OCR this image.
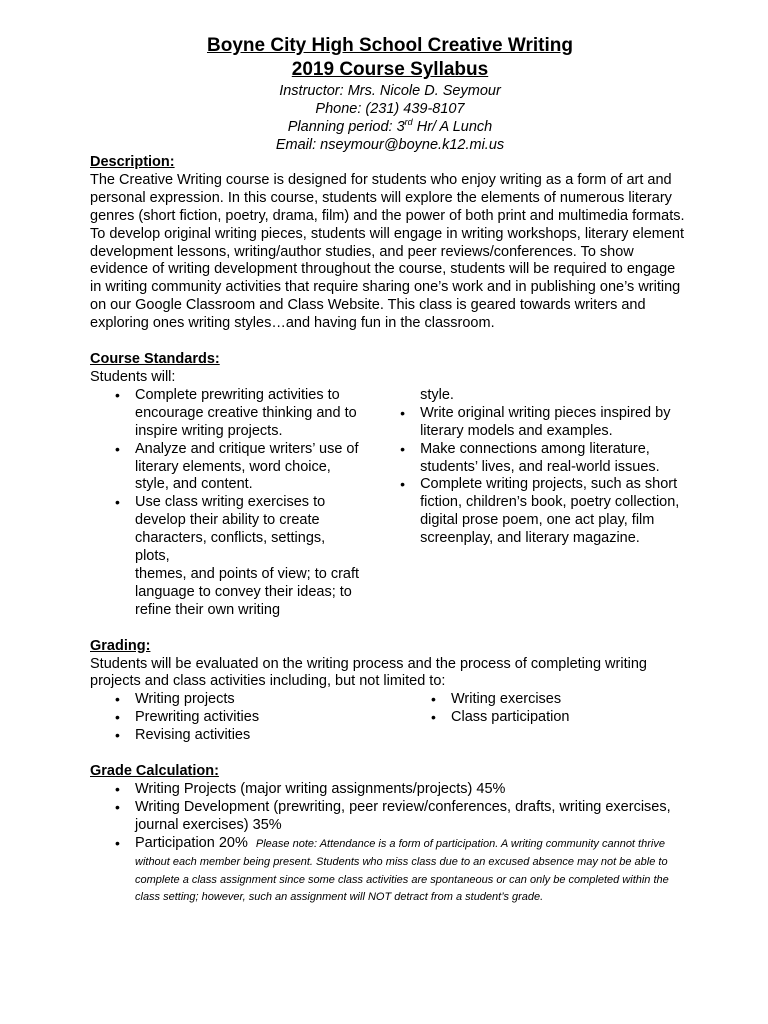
Boyne City High School Creative Writing
2019 Course Syllabus
Instructor: Mrs. Nicole D. Seymour
Phone: (231) 439-8107
Planning period: 3rd Hr/ A Lunch
Email: nseymour@boyne.k12.mi.us
Description:

The Creative Writing course is designed for students who enjoy writing as a form of art and personal expression. In this course, students will explore the elements of numerous literary genres (short fiction, poetry, drama, film) and the power of both print and multimedia formats. To develop original writing pieces, students will engage in writing workshops, literary element development lessons, writing/author studies, and peer reviews/conferences. To show evidence of writing development throughout the course, students will be required to engage in writing community activities that require sharing one’s work and in publishing one’s writing on our Google Classroom and Class Website. This class is geared towards writers and exploring ones writing styles…and having fun in the classroom.

Course Standards:
Students will:
• Complete prewriting activities to encourage creative thinking and to inspire writing projects.
• Analyze and critique writers’ use of literary elements, word choice, style, and content.
• Use class writing exercises to develop their ability to create characters, conflicts, settings, plots,
themes, and points of view; to craft language to convey their ideas; to refine their own writing
style.
• Write original writing pieces inspired by literary models and examples.
• Make connections among literature, students’ lives, and real-world issues.
• Complete writing projects, such as short fiction, children’s book, poetry collection, digital prose poem, one act play, film screenplay, and literary magazine.
Grading:

Students will be evaluated on the writing process and the process of completing writing projects and class activities including, but not limited to:

• Writing projects
• Prewriting activities
• Revising activities
• Writing exercises
• Class participation
Grade Calculation:
• Writing Projects (major writing assignments/projects) 45%
• Writing Development (prewriting, peer review/conferences, drafts, writing exercises, journal exercises) 35%
• Participation 20% Please note: Attendance is a form of participation. A writing community cannot thrive without each member being present. Students who miss class due to an excused absence may not be able to complete a class assignment since some class activities are spontaneous or can only be completed within the class setting; however, such an assignment will NOT detract from a student’s grade.
